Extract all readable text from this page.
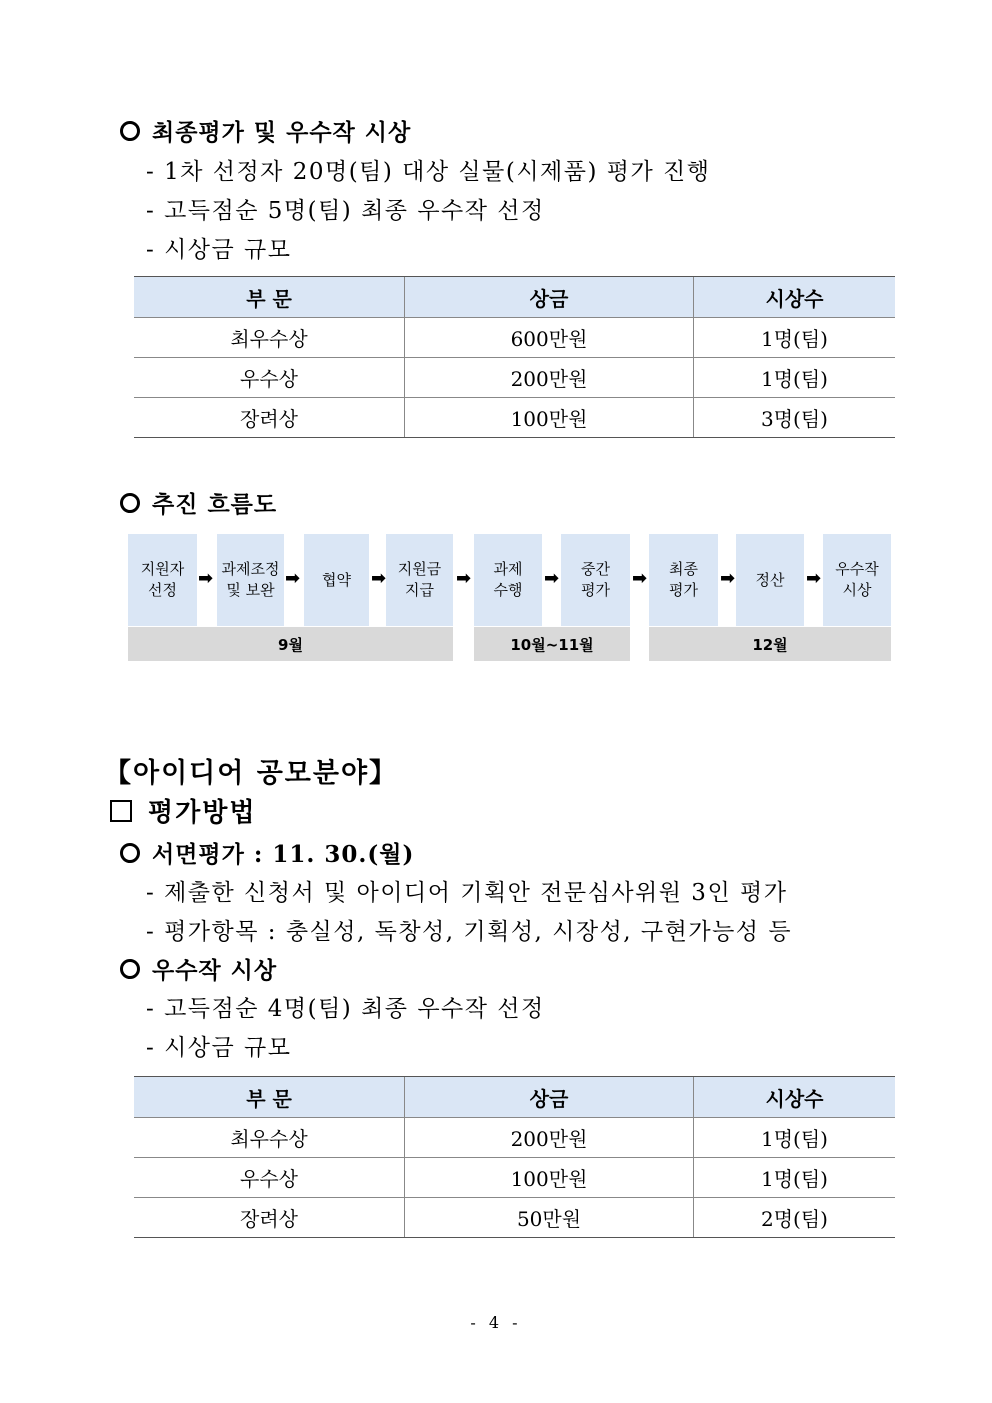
최종평가 및 우수작 시상
- 1차 선정자 20명(팀) 대상 실물(시제품) 평가 진행
- 고득점순 5명(팀) 최종 우수작 선정
- 시상금 규모
부 문	상금	시상수
최우수상	600만원	1명(팀)
우수상	200만원	1명(팀)
장려상	100만원	3명(팀)
추진 흐름도
지원자
선정
➡ 과제조정
및 보완
➡	협약	➡ 지원금
지급
➡	과제
수행
➡	중간
평가
➡	최종
평가
➡	정산	➡ 우수작
시상
9월	10월~11월	12월
【아이디어 공모분야】
평가방법
서면평가 : 11. 30.(월)
- 제출한 신청서 및 아이디어 기획안 전문심사위원 3인 평가
- 평가항목 : 충실성, 독창성, 기획성, 시장성, 구현가능성 등
우수작 시상
- 고득점순 4명(팀) 최종 우수작 선정
- 시상금 규모
부 문	상금	시상수
최우수상	200만원	1명(팀)
우수상	100만원	1명(팀)
장려상	50만원	2명(팀)
- 4 -
